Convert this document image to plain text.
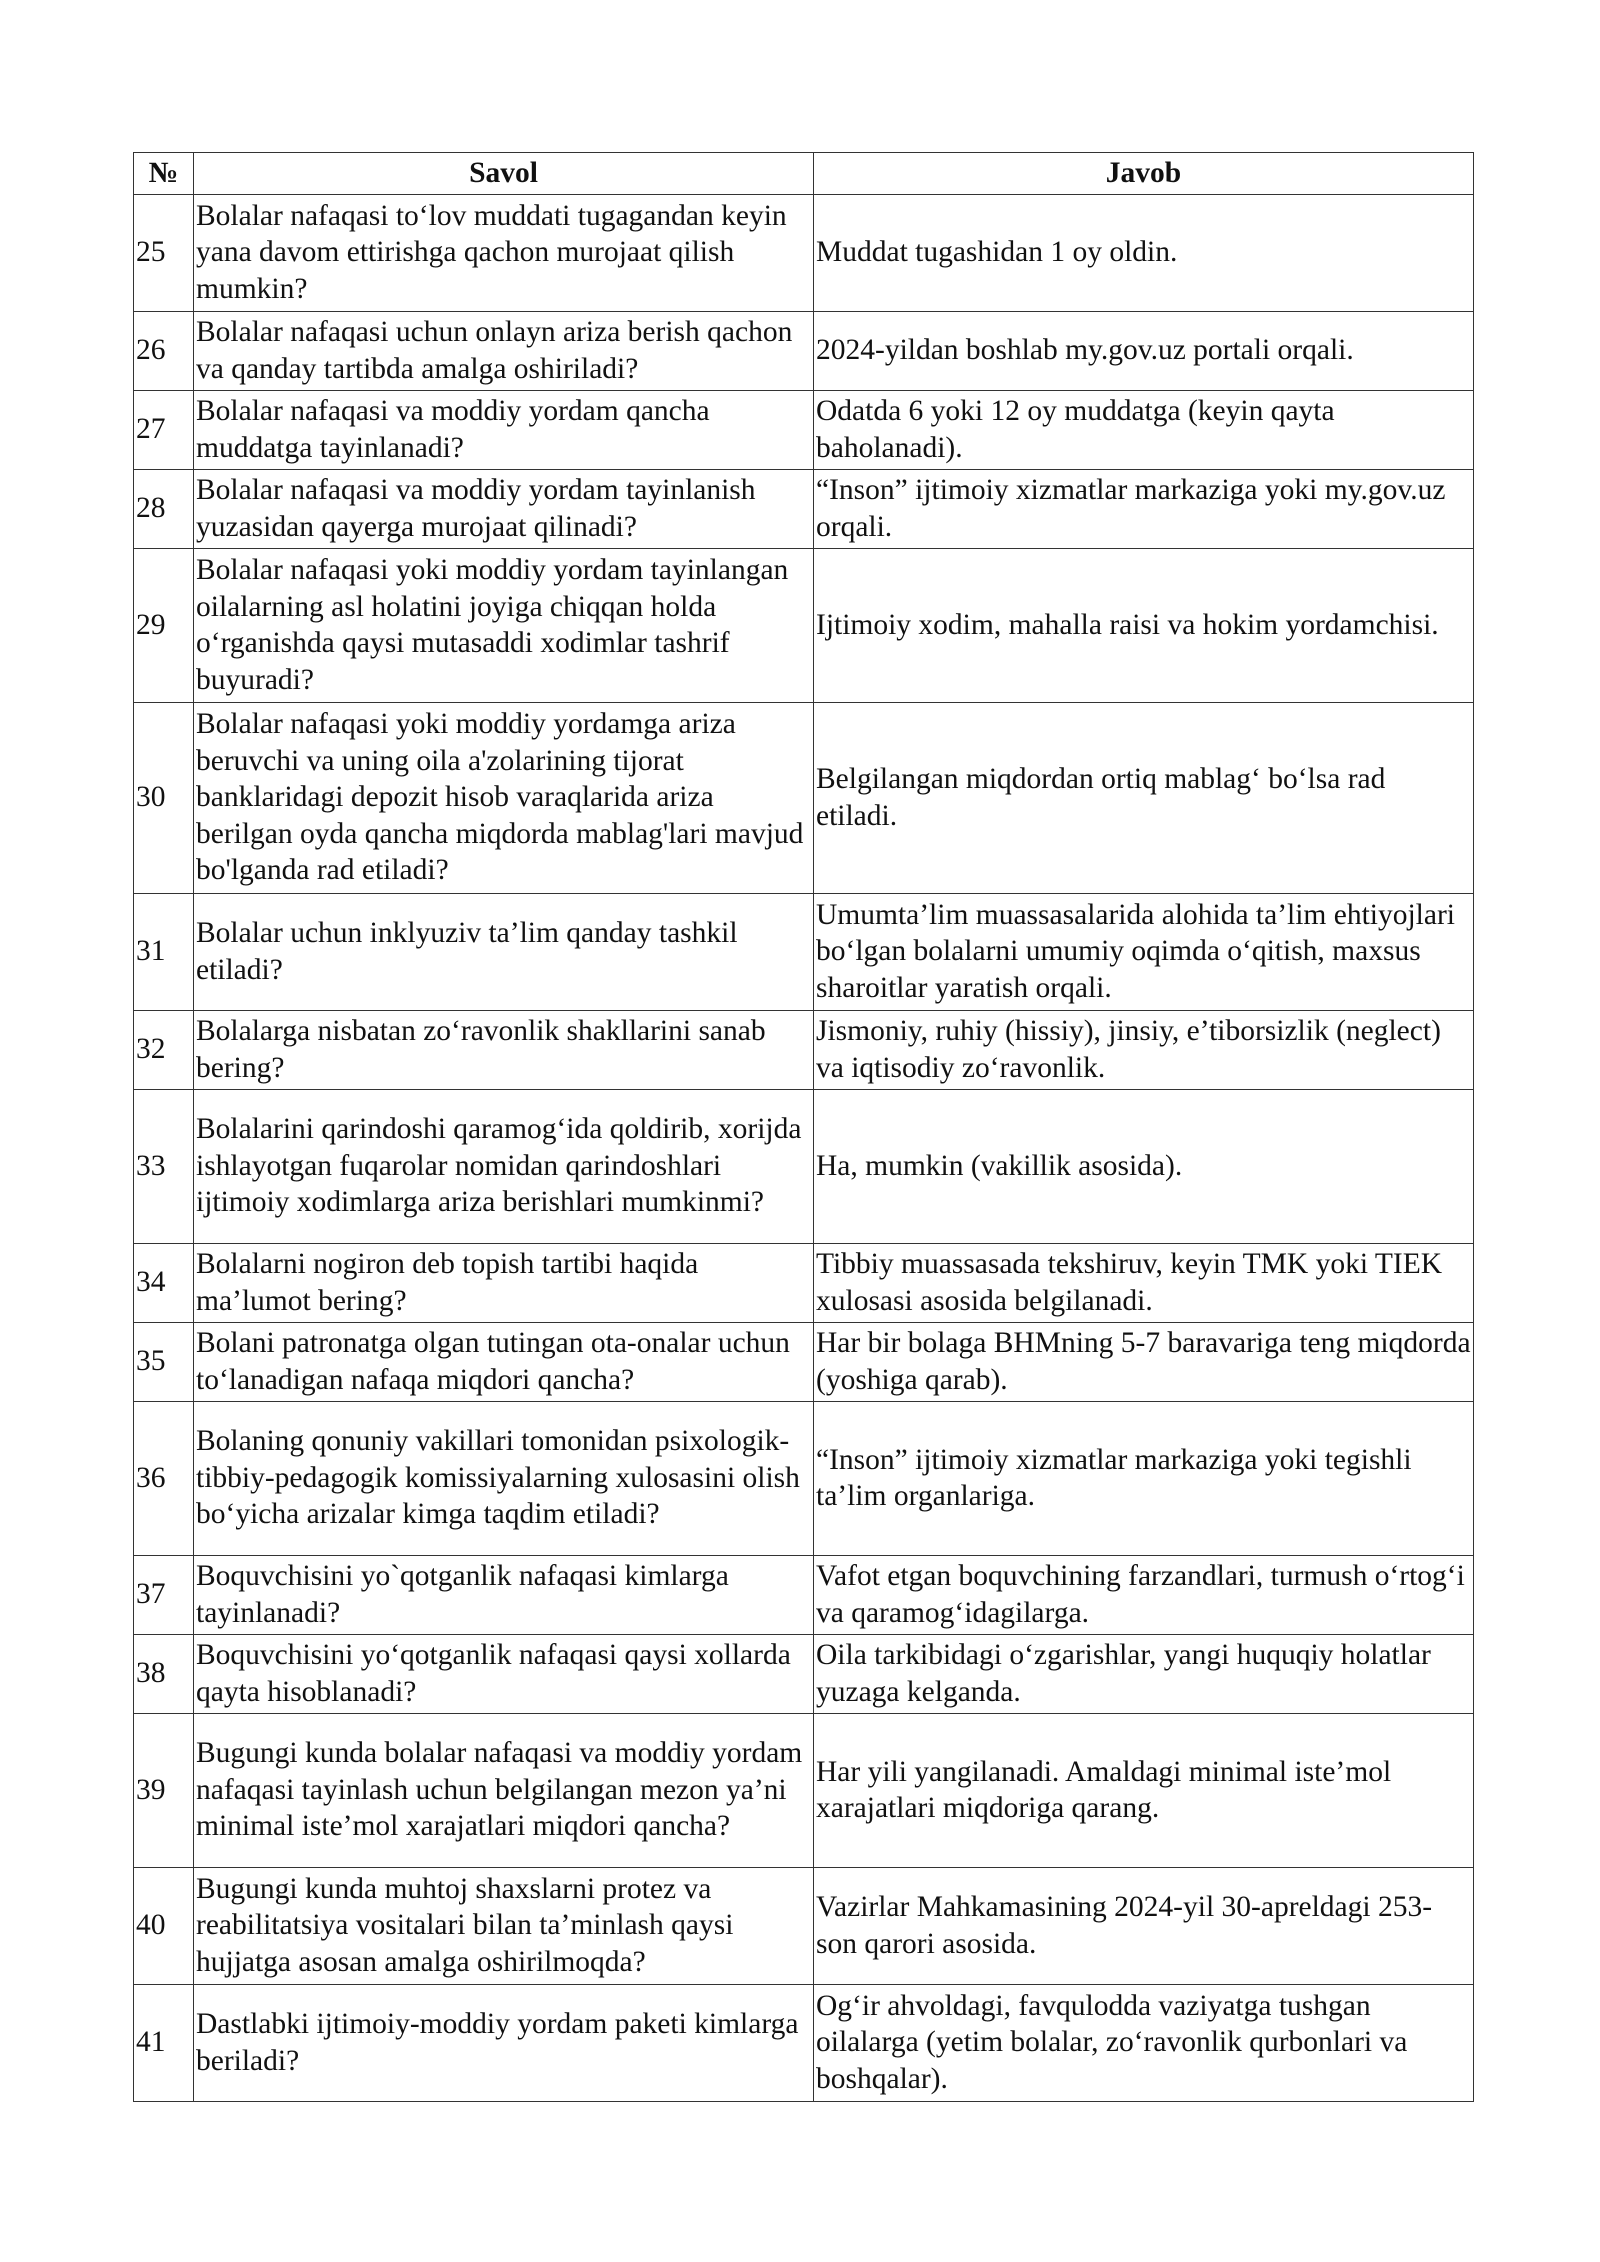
№	Savol	Javob
25	Bolalar nafaqasi to‘lov muddati tugagandan keyin yana davom ettirishga qachon murojaat qilish mumkin?	Muddat tugashidan 1 oy oldin.
26	Bolalar nafaqasi uchun onlayn ariza berish qachon va qanday tartibda amalga oshiriladi?	2024-yildan boshlab my.gov.uz portali orqali.
27	Bolalar nafaqasi va moddiy yordam qancha muddatga tayinlanadi?	Odatda 6 yoki 12 oy muddatga (keyin qayta baholanadi).
28	Bolalar nafaqasi va moddiy yordam tayinlanish yuzasidan qayerga murojaat qilinadi?	“Inson” ijtimoiy xizmatlar markaziga yoki my.gov.uz orqali.
29	Bolalar nafaqasi yoki moddiy yordam tayinlangan oilalarning asl holatini joyiga chiqqan holda o‘rganishda qaysi mutasaddi xodimlar tashrif buyuradi?	Ijtimoiy xodim, mahalla raisi va hokim yordamchisi.
30	Bolalar nafaqasi yoki moddiy yordamga ariza beruvchi va uning oila a'zolarining tijorat banklaridagi depozit hisob varaqlarida ariza berilgan oyda qancha miqdorda mablag'lari mavjud bo'lganda rad etiladi?	Belgilangan miqdordan ortiq mablag‘ bo‘lsa rad etiladi.
31	Bolalar uchun inklyuziv ta’lim qanday tashkil etiladi?	Umumta’lim muassasalarida alohida ta’lim ehtiyojlari bo‘lgan bolalarni umumiy oqimda o‘qitish, maxsus sharoitlar yaratish orqali.
32	Bolalarga nisbatan zo‘ravonlik shakllarini sanab bering?	Jismoniy, ruhiy (hissiy), jinsiy, e’tiborsizlik (neglect) va iqtisodiy zo‘ravonlik.
33	Bolalarini qarindoshi qaramog‘ida qoldirib, xorijda ishlayotgan fuqarolar nomidan qarindoshlari ijtimoiy xodimlarga ariza berishlari mumkinmi?	Ha, mumkin (vakillik asosida).
34	Bolalarni nogiron deb topish tartibi haqida ma’lumot bering?	Tibbiy muassasada tekshiruv, keyin TMK yoki TIEK xulosasi asosida belgilanadi.
35	Bolani patronatga olgan tutingan ota-onalar uchun to‘lanadigan nafaqa miqdori qancha?	Har bir bolaga BHMning 5-7 baravariga teng miqdorda (yoshiga qarab).
36	Bolaning qonuniy vakillari tomonidan psixologik-tibbiy-pedagogik komissiyalarning xulosasini olish bo‘yicha arizalar kimga taqdim etiladi?	“Inson” ijtimoiy xizmatlar markaziga yoki tegishli ta’lim organlariga.
37	Boquvchisini yo`qotganlik nafaqasi kimlarga tayinlanadi?	Vafot etgan boquvchining farzandlari, turmush o‘rtog‘i va qaramog‘idagilarga.
38	Boquvchisini yo‘qotganlik nafaqasi qaysi xollarda qayta hisoblanadi?	Oila tarkibidagi o‘zgarishlar, yangi huquqiy holatlar yuzaga kelganda.
39	Bugungi kunda bolalar nafaqasi va moddiy yordam nafaqasi tayinlash uchun belgilangan mezon ya’ni minimal iste’mol xarajatlari miqdori qancha?	Har yili yangilanadi. Amaldagi minimal iste’mol xarajatlari miqdoriga qarang.
40	Bugungi kunda muhtoj shaxslarni protez va reabilitatsiya vositalari bilan ta’minlash qaysi hujjatga asosan amalga oshirilmoqda?	Vazirlar Mahkamasining 2024-yil 30-apreldagi 253-son qarori asosida.
41	Dastlabki ijtimoiy-moddiy yordam paketi kimlarga beriladi?	Og‘ir ahvoldagi, favqulodda vaziyatga tushgan oilalarga (yetim bolalar, zo‘ravonlik qurbonlari va boshqalar).
